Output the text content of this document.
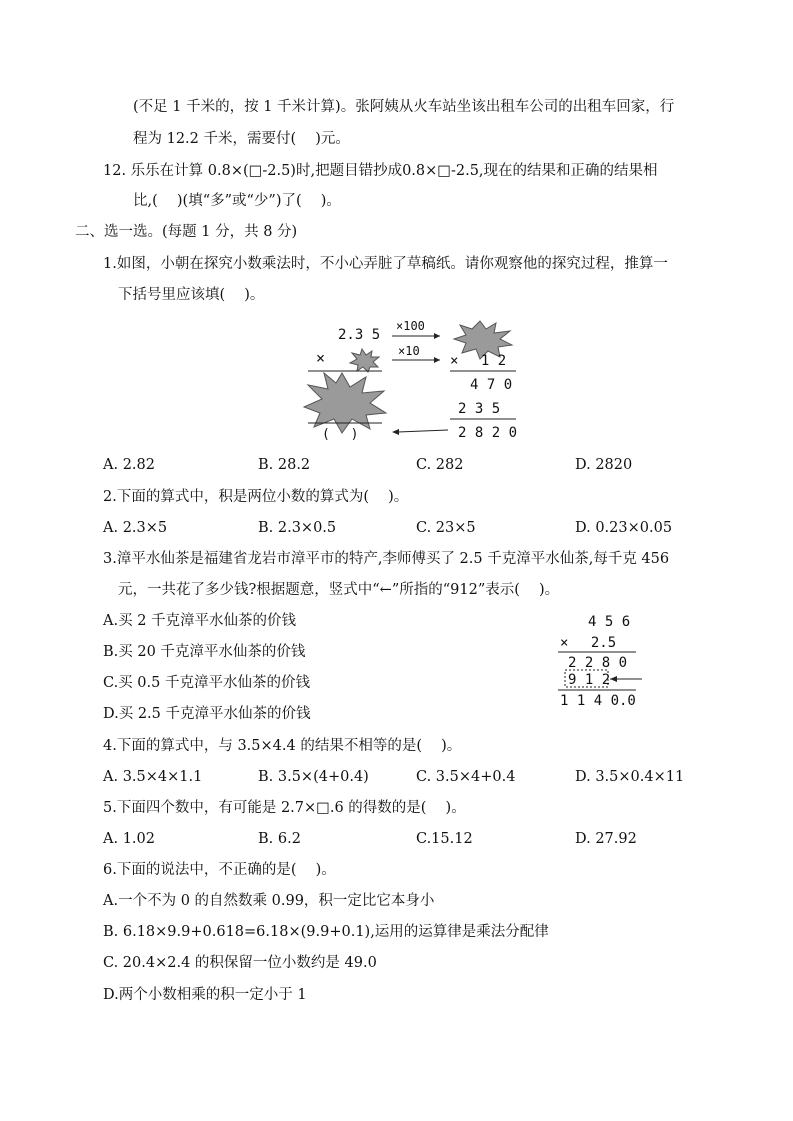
(不足 1 千米的，按 1 千米计算)。张阿姨从火车站坐该出租车公司的出租车回家，行
程为 12.2 千米，需要付(　 )元。
12. 乐乐在计算 0.8×(□-2.5)时,把题目错抄成0.8×□-2.5,现在的结果和正确的结果相
比,(　 )(填“多”或“少”)了(　 )。
二、选一选。(每题 1 分，共 8 分)
1.如图，小朝在探究小数乘法时，不小心弄脏了草稿纸。请你观察他的探究过程，推算一
下括号里应该填(　 )。
2.3 5
×
(　 )
×100
×10
×　 1 2
4 7 0
2 3 5
2 8 2 0
A. 2.82	B. 28.2	C. 282	D. 2820
2.下面的算式中，积是两位小数的算式为(　 )。
A. 2.3×5	B. 2.3×0.5	C. 23×5	D. 0.23×0.05
3.漳平水仙茶是福建省龙岩市漳平市的特产,李师傅买了 2.5 千克漳平水仙茶,每千克 456
元，一共花了多少钱?根据题意，竖式中“←”所指的“912”表示(　 )。
A.买 2 千克漳平水仙茶的价钱
B.买 20 千克漳平水仙茶的价钱
C.买 0.5 千克漳平水仙茶的价钱
D.买 2.5 千克漳平水仙茶的价钱
4 5 6
×　 2.5
2 2 8 0
9 1 2
1 1 4 0.0
4.下面的算式中，与 3.5×4.4 的结果不相等的是(　 )。
A. 3.5×4×1.1	B. 3.5×(4+0.4)	C. 3.5×4+0.4	D. 3.5×0.4×11
5.下面四个数中，有可能是 2.7×□.6 的得数的是(　 )。
A. 1.02	B. 6.2	C.15.12	D. 27.92
6.下面的说法中，不正确的是(　 )。
A.一个不为 0 的自然数乘 0.99，积一定比它本身小
B. 6.18×9.9+0.618=6.18×(9.9+0.1),运用的运算律是乘法分配律
C. 20.4×2.4 的积保留一位小数约是 49.0
D.两个小数相乘的积一定小于 1
